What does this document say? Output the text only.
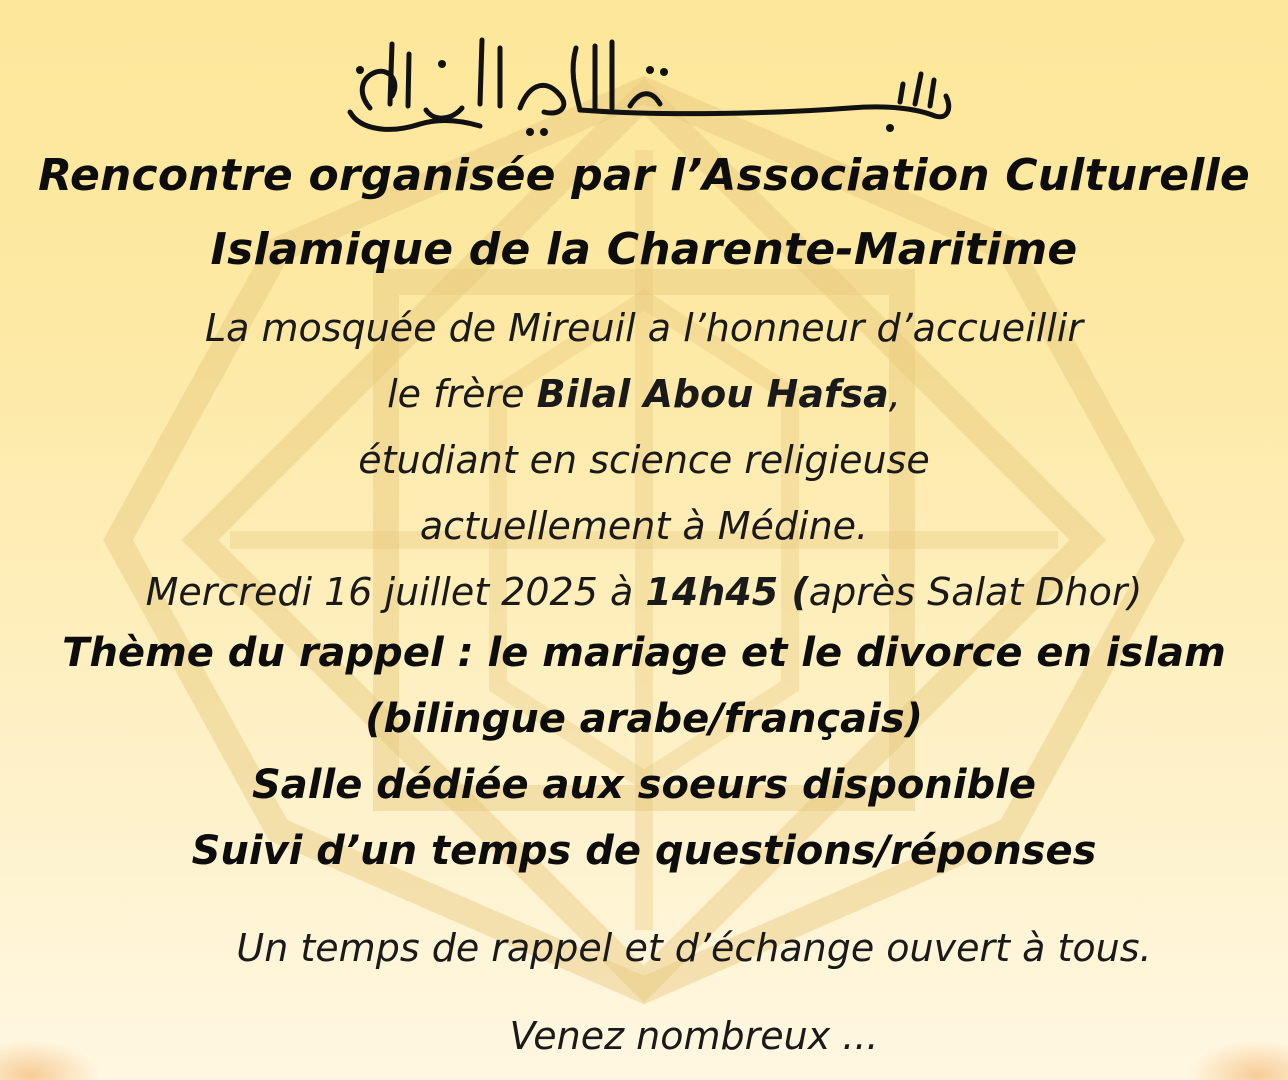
Rencontre organisée par l’Association Culturelle

Islamique de la Charente-Maritime

La mosquée de Mireuil a l’honneur d’accueillir

le frère Bilal Abou Hafsa,

étudiant en science religieuse

actuellement à Médine.

Mercredi 16 juillet 2025 à 14h45 (après Salat Dhor)

Thème du rappel : le mariage et le divorce en islam

(bilingue arabe/français)

Salle dédiée aux soeurs disponible

Suivi d’un temps de questions/réponses

Un temps de rappel et d’échange ouvert à tous.

Venez nombreux ...
